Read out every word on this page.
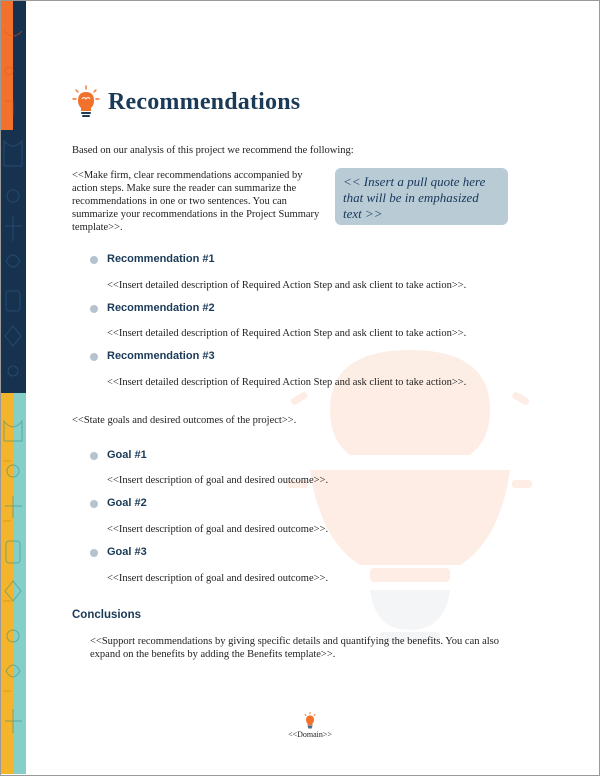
Recommendations
Based on our analysis of this project we recommend the following:
<<Make firm, clear recommendations accompanied by action steps. Make sure the reader can summarize the recommendations in one or two sentences. You can summarize your recommendations in the Project Summary template>>.
<< Insert a pull quote here that will be in emphasized text >>
Recommendation #1
<<Insert detailed description of Required Action Step and ask client to take action>>.
Recommendation #2
<<Insert detailed description of Required Action Step and ask client to take action>>.
Recommendation #3
<<Insert detailed description of Required Action Step and ask client to take action>>.
<<State goals and desired outcomes of the project>>.
Goal #1
<<Insert description of goal and desired outcome>>.
Goal #2
<<Insert description of goal and desired outcome>>.
Goal #3
<<Insert description of goal and desired outcome>>.
Conclusions
<<Support recommendations by giving specific details and quantifying the benefits. You can also expand on the benefits by adding the Benefits template>>.
<<Domain>>
